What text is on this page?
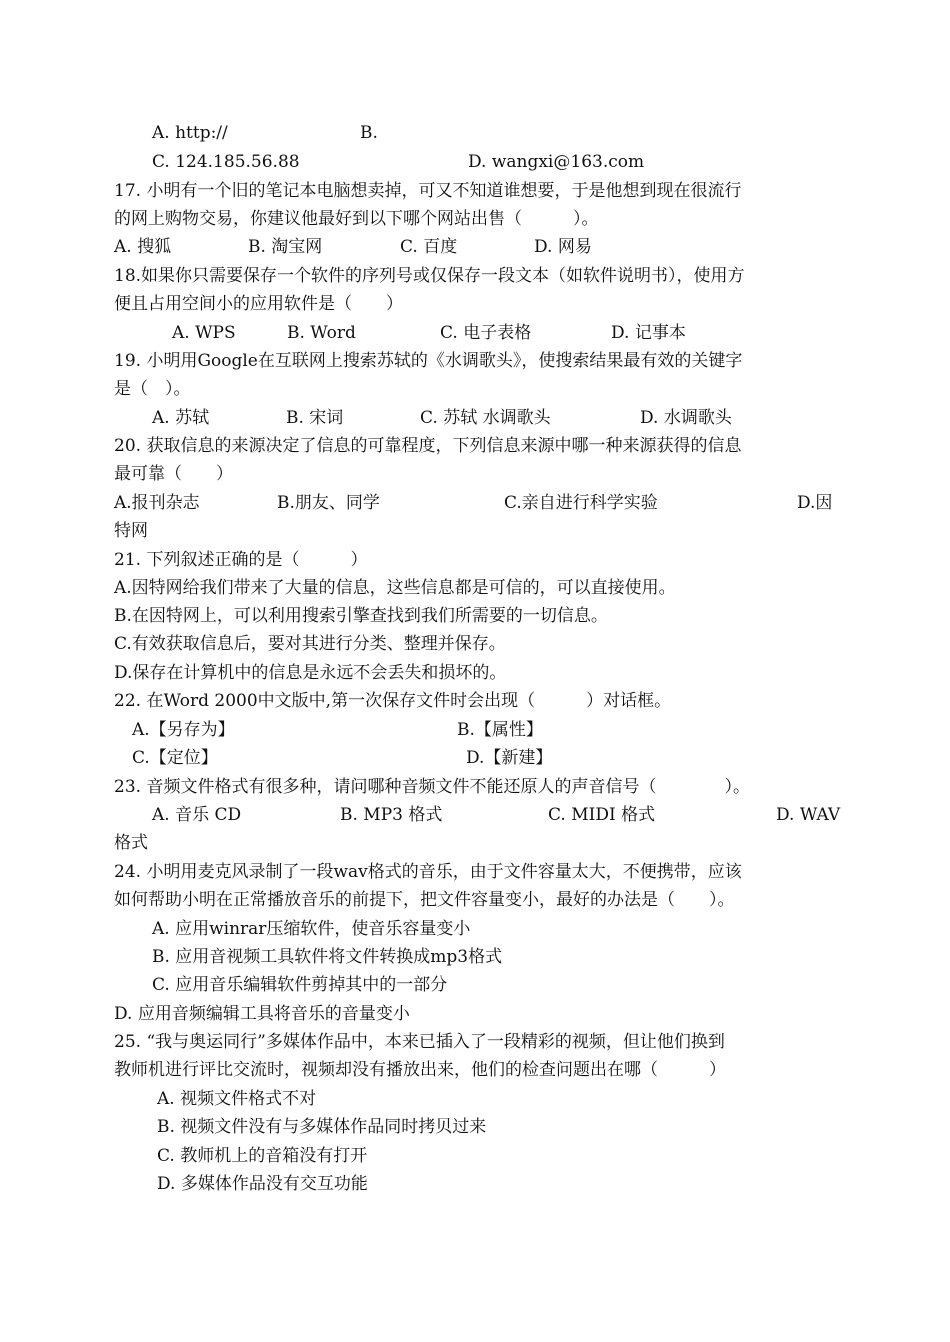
A. http://	B.
C. 124.185.56.88	D. wangxi@163.com
17. 小明有一个旧的笔记本电脑想卖掉，可又不知道谁想要，于是他想到现在很流行
的网上购物交易，你建议他最好到以下哪个网站出售（　　　）。
A. 搜狐	B. 淘宝网	C. 百度	D. 网易
18.如果你只需要保存一个软件的序列号或仅保存一段文本（如软件说明书），使用方
便且占用空间小的应用软件是（　　）
A. WPS	B. Word	C. 电子表格	D. 记事本
19. 小明用Google在互联网上搜索苏轼的《水调歌头》，使搜索结果最有效的关键字
是（　）。
A. 苏轼	B. 宋词	C. 苏轼 水调歌头	D. 水调歌头
20. 获取信息的来源决定了信息的可靠程度，下列信息来源中哪一种来源获得的信息
最可靠（　　）
A.报刊杂志	B.朋友、同学	C.亲自进行科学实验	D.因
特网
21. 下列叙述正确的是（　　　）
A.因特网给我们带来了大量的信息，这些信息都是可信的，可以直接使用。
B.在因特网上，可以利用搜索引擎查找到我们所需要的一切信息。
C.有效获取信息后，要对其进行分类、整理并保存。
D.保存在计算机中的信息是永远不会丢失和损坏的。
22. 在Word 2000中文版中,第一次保存文件时会出现（　　　）对话框。
A.【另存为】	B.【属性】
C.【定位】	D.【新建】
23. 音频文件格式有很多种，请问哪种音频文件不能还原人的声音信号（　　　　）。
A. 音乐 CD	B. MP3 格式	C. MIDI 格式	D. WAV
格式
24. 小明用麦克风录制了一段wav格式的音乐，由于文件容量太大，不便携带，应该
如何帮助小明在正常播放音乐的前提下，把文件容量变小，最好的办法是（　　）。
A. 应用winrar压缩软件，使音乐容量变小
B. 应用音视频工具软件将文件转换成mp3格式
C. 应用音乐编辑软件剪掉其中的一部分
D. 应用音频编辑工具将音乐的音量变小
25. “我与奥运同行”多媒体作品中，本来已插入了一段精彩的视频，但让他们换到
教师机进行评比交流时，视频却没有播放出来，他们的检查问题出在哪（　　　）
A. 视频文件格式不对
B. 视频文件没有与多媒体作品同时拷贝过来
C. 教师机上的音箱没有打开
D. 多媒体作品没有交互功能
